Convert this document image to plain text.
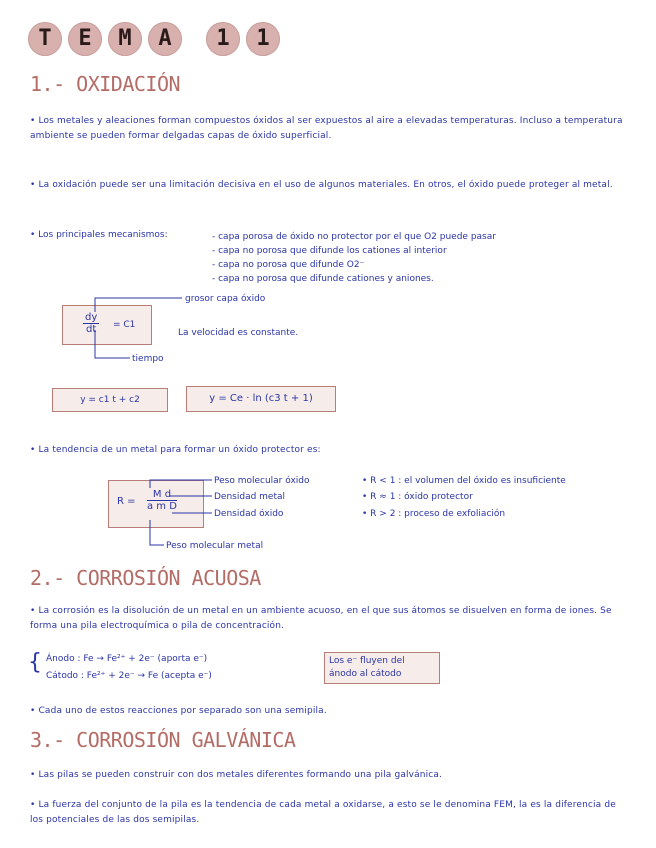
T	E	M	A	1	1
1.- OXIDACIÓN
• Los metales y aleaciones forman compuestos óxidos al ser expuestos al aire a elevadas temperaturas. Incluso a temperatura ambiente se pueden formar delgadas capas de óxido superficial.
• La oxidación puede ser una limitación decisiva en el uso de algunos materiales. En otros, el óxido puede proteger al metal.
• Los principales mecanismos:	- capa porosa de óxido no protector por el que O2 puede pasar
- capa no porosa que difunde los cationes al interior
- capa no porosa que difunde O2⁻
- capa no porosa que difunde cationes y aniones.
$\frac{dy}{dt} = C1$
grosor capa óxido
La velocidad es constante.
tiempo
y = c1 t + c2	y = Ce · ln (c3 t + 1)
• La tendencia de un metal para formar un óxido protector es:
$R = \frac{\text{M d}}{\text{a m D}}$
Peso molecular óxido
Densidad metal
Densidad óxido
Peso molecular metal
• R < 1 : el volumen del óxido es insuficiente
• R ≈ 1 : óxido protector
• R > 2 : proceso de exfoliación
2.- CORROSIÓN ACUOSA
• La corrosión es la disolución de un metal en un ambiente acuoso, en el que sus átomos se disuelven en forma de iones. Se forma una pila electroquímica o pila de concentración.
{ Ánodo : Fe → Fe²⁺ + 2e⁻ (aporta e⁻)
Cátodo : Fe²⁺ + 2e⁻ → Fe (acepta e⁻)
Los e⁻ fluyen del ánodo al cátodo
• Cada uno de estos reacciones por separado son una semipila.
3.- CORROSIÓN GALVÁNICA
• Las pilas se pueden construir con dos metales diferentes formando una pila galvánica.
• La fuerza del conjunto de la pila es la tendencia de cada metal a oxidarse, a esto se le denomina FEM, la es la diferencia de los potenciales de las dos semipilas.
